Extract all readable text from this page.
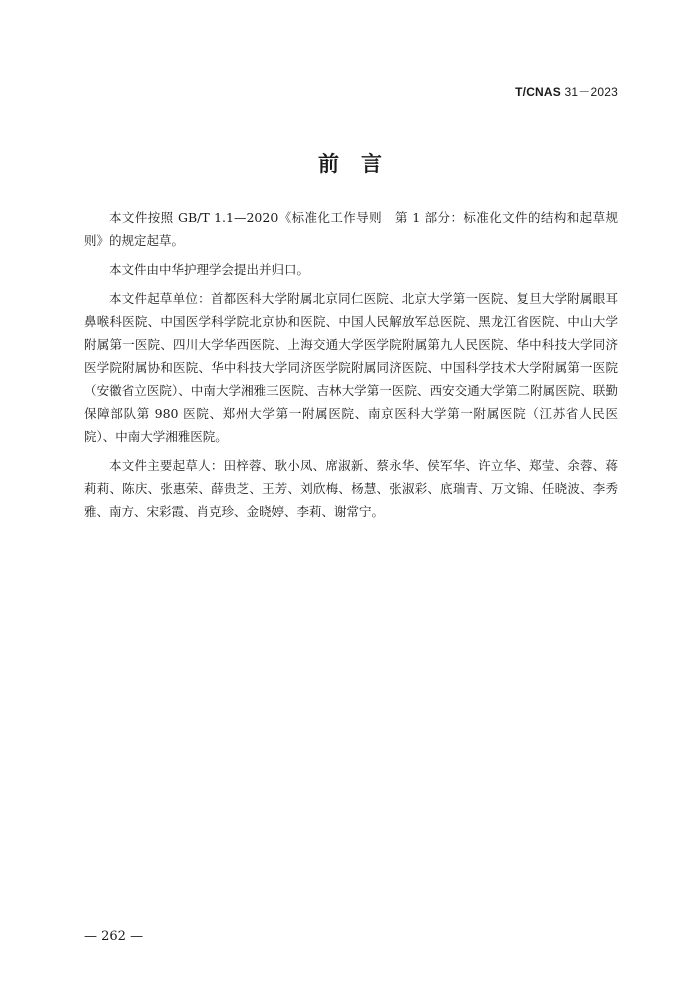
T/CNAS 31－2023
前言

本文件按照 GB/T 1.1—2020《标准化工作导则　第 1 部分：标准化文件的结构和起草规则》的规定起草。

本文件由中华护理学会提出并归口。

本文件起草单位：首都医科大学附属北京同仁医院、北京大学第一医院、复旦大学附属眼耳鼻喉科医院、中国医学科学院北京协和医院、中国人民解放军总医院、黑龙江省医院、中山大学附属第一医院、四川大学华西医院、上海交通大学医学院附属第九人民医院、华中科技大学同济医学院附属协和医院、华中科技大学同济医学院附属同济医院、中国科学技术大学附属第一医院（安徽省立医院）、中南大学湘雅三医院、吉林大学第一医院、西安交通大学第二附属医院、联勤保障部队第 980 医院、郑州大学第一附属医院、南京医科大学第一附属医院（江苏省人民医院）、中南大学湘雅医院。

本文件主要起草人：田梓蓉、耿小凤、席淑新、蔡永华、侯军华、许立华、郑莹、余蓉、蒋莉莉、陈庆、张惠荣、薛贵芝、王芳、刘欣梅、杨慧、张淑彩、底瑞青、万文锦、任晓波、李秀雅、南方、宋彩霞、肖克珍、金晓婷、李莉、谢常宁。

— 262 —
